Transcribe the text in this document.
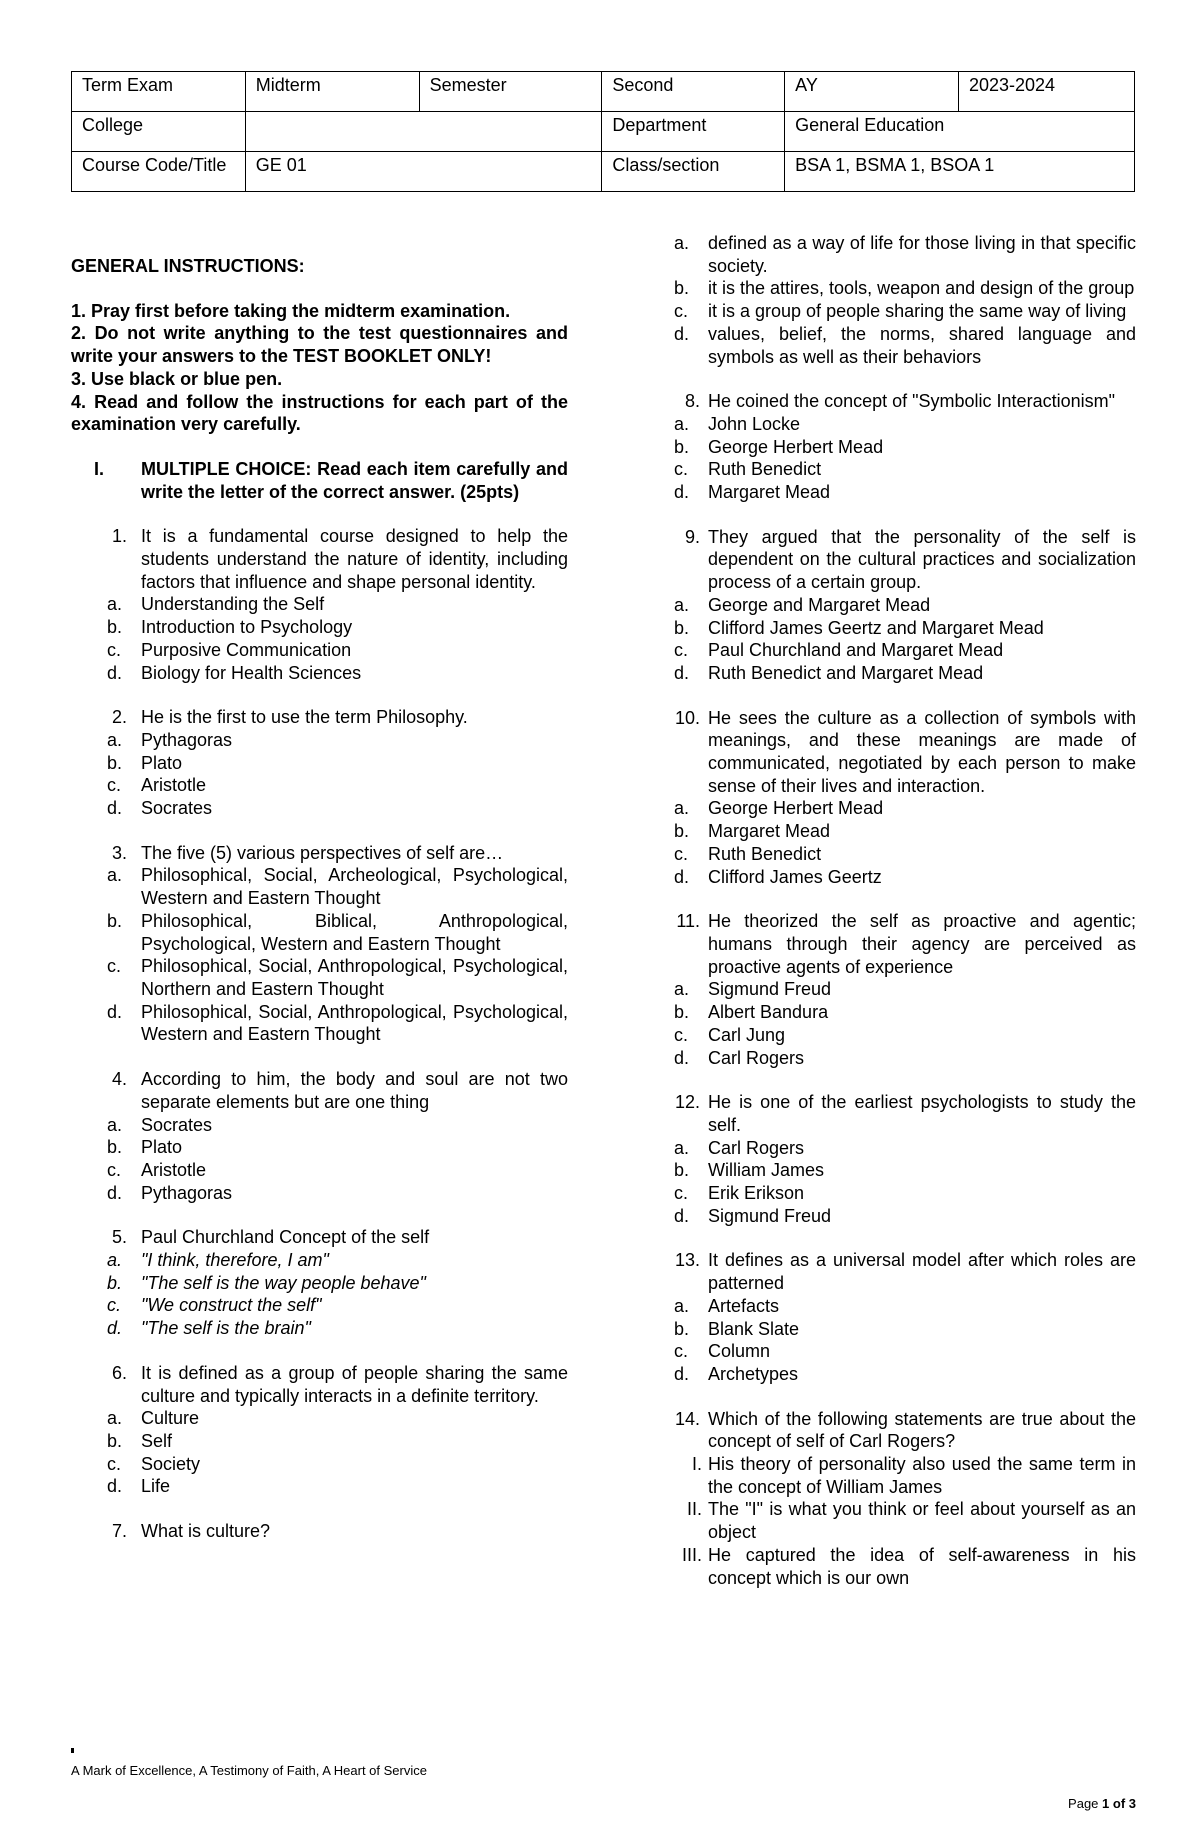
Term Exam	Midterm	Semester	Second	AY	2023-2024
College			Department	General Education	
Course Code/Title	GE 01		Class/section	BSA 1, BSMA 1, BSOA 1	
GENERAL INSTRUCTIONS:

1. Pray first before taking the midterm examination.

2. Do not write anything to the test questionnaires and write your answers to the TEST BOOKLET ONLY!

3. Use black or blue pen.

4. Read and follow the instructions for each part of the examination very carefully.

I. MULTIPLE CHOICE: Read each item carefully and write the letter of the correct answer. (25pts)
1. It is a fundamental course designed to help the students understand the nature of identity, including factors that influence and shape personal identity.
a. Understanding the Self
b. Introduction to Psychology
c.	Purposive Communication
d. Biology for Health Sciences
2. He is the first to use the term Philosophy.
a. Pythagoras
b. Plato
c.	Aristotle
d. Socrates
3. The five (5) various perspectives of self are…
a. Philosophical, Social, Archeological, Psychological, Western and Eastern Thought
b. Philosophical, Biblical, Anthropological, Psychological, Western and Eastern Thought
c.	Philosophical, Social, Anthropological, Psychological, Northern and Eastern Thought
d. Philosophical, Social, Anthropological, Psychological, Western and Eastern Thought
4. According to him, the body and soul are not two separate elements but are one thing
a. Socrates
b. Plato
c.	Aristotle
d. Pythagoras
5. Paul Churchland Concept of the self
a. "I think, therefore, I am"
b. "The self is the way people behave"
c.	"We construct the self"
d. "The self is the brain"
6. It is defined as a group of people sharing the same culture and typically interacts in a definite territory.
a. Culture
b. Self
c.	Society
d. Life
7. What is culture?
a. defined as a way of life for those living in that specific society.
b. it is the attires, tools, weapon and design of the group
c.	it is a group of people sharing the same way of living
d. values, belief, the norms, shared language and symbols as well as their behaviors
8. He coined the concept of "Symbolic Interactionism"
a. John Locke
b. George Herbert Mead
c.	Ruth Benedict
d. Margaret Mead
9. They argued that the personality of the self is dependent on the cultural practices and socialization process of a certain group.
a. George and Margaret Mead
b. Clifford James Geertz and Margaret Mead
c.	Paul Churchland and Margaret Mead
d. Ruth Benedict and Margaret Mead
10. He sees the culture as a collection of symbols with meanings, and these meanings are made of communicated, negotiated by each person to make sense of their lives and interaction.
a. George Herbert Mead
b. Margaret Mead
c.	Ruth Benedict
d. Clifford James Geertz
11. He theorized the self as proactive and agentic; humans through their agency are perceived as proactive agents of experience
a. Sigmund Freud
b. Albert Bandura
c.	Carl Jung
d. Carl Rogers
12. He is one of the earliest psychologists to study the self.
a. Carl Rogers
b. William James
c.	Erik Erikson
d. Sigmund Freud
13. It defines as a universal model after which roles are patterned
a. Artefacts
b. Blank Slate
c.	Column
d. Archetypes
14. Which of the following statements are true about the concept of self of Carl Rogers?
I. His theory of personality also used the same term in the concept of William James
II. The "I" is what you think or feel about yourself as an object
III. He captured the idea of self-awareness in his concept which is our own
A Mark of Excellence, A Testimony of Faith, A Heart of Service
Page 1 of 3
